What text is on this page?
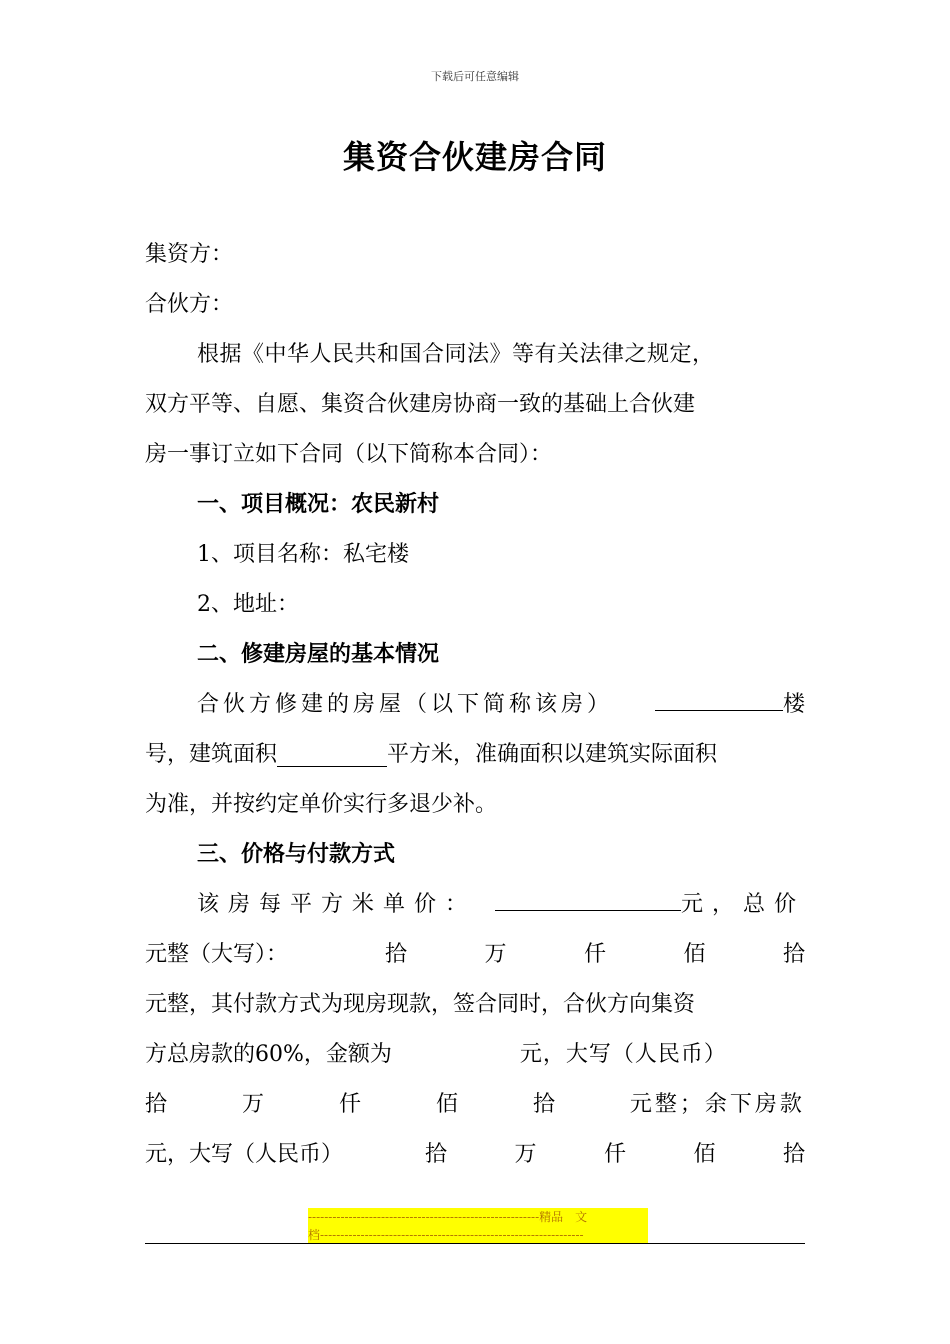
下载后可任意编辑
集资合伙建房合同
集资方：
合伙方：
根据《中华人民共和国合同法》等有关法律之规定，
双方平等、自愿、集资合伙建房协商一致的基础上合伙建
房一事订立如下合同（以下简称本合同）：
一、项目概况：农民新村
1、项目名称：私宅楼
2、地址：
二、修建房屋的基本情况
合伙方修建的房屋（以下简称该房）	楼
号，建筑面积	平方米，准确面积以建筑实际面积
为准，并按约定单价实行多退少补。
三、价格与付款方式
该房每平方米单价：	元，总价
元整（大写）：	拾	万	仟	佰	拾
元整，其付款方式为现房现款，签合同时，合伙方向集资
方总房款的60%，金额为	元，大写（人民币）
拾	万	仟	佰	拾	元整；余下房款
元，大写（人民币）	拾	万	仟	佰	拾
---------------------------------------------------------精品　文
档-----------------------------------------------------------------
